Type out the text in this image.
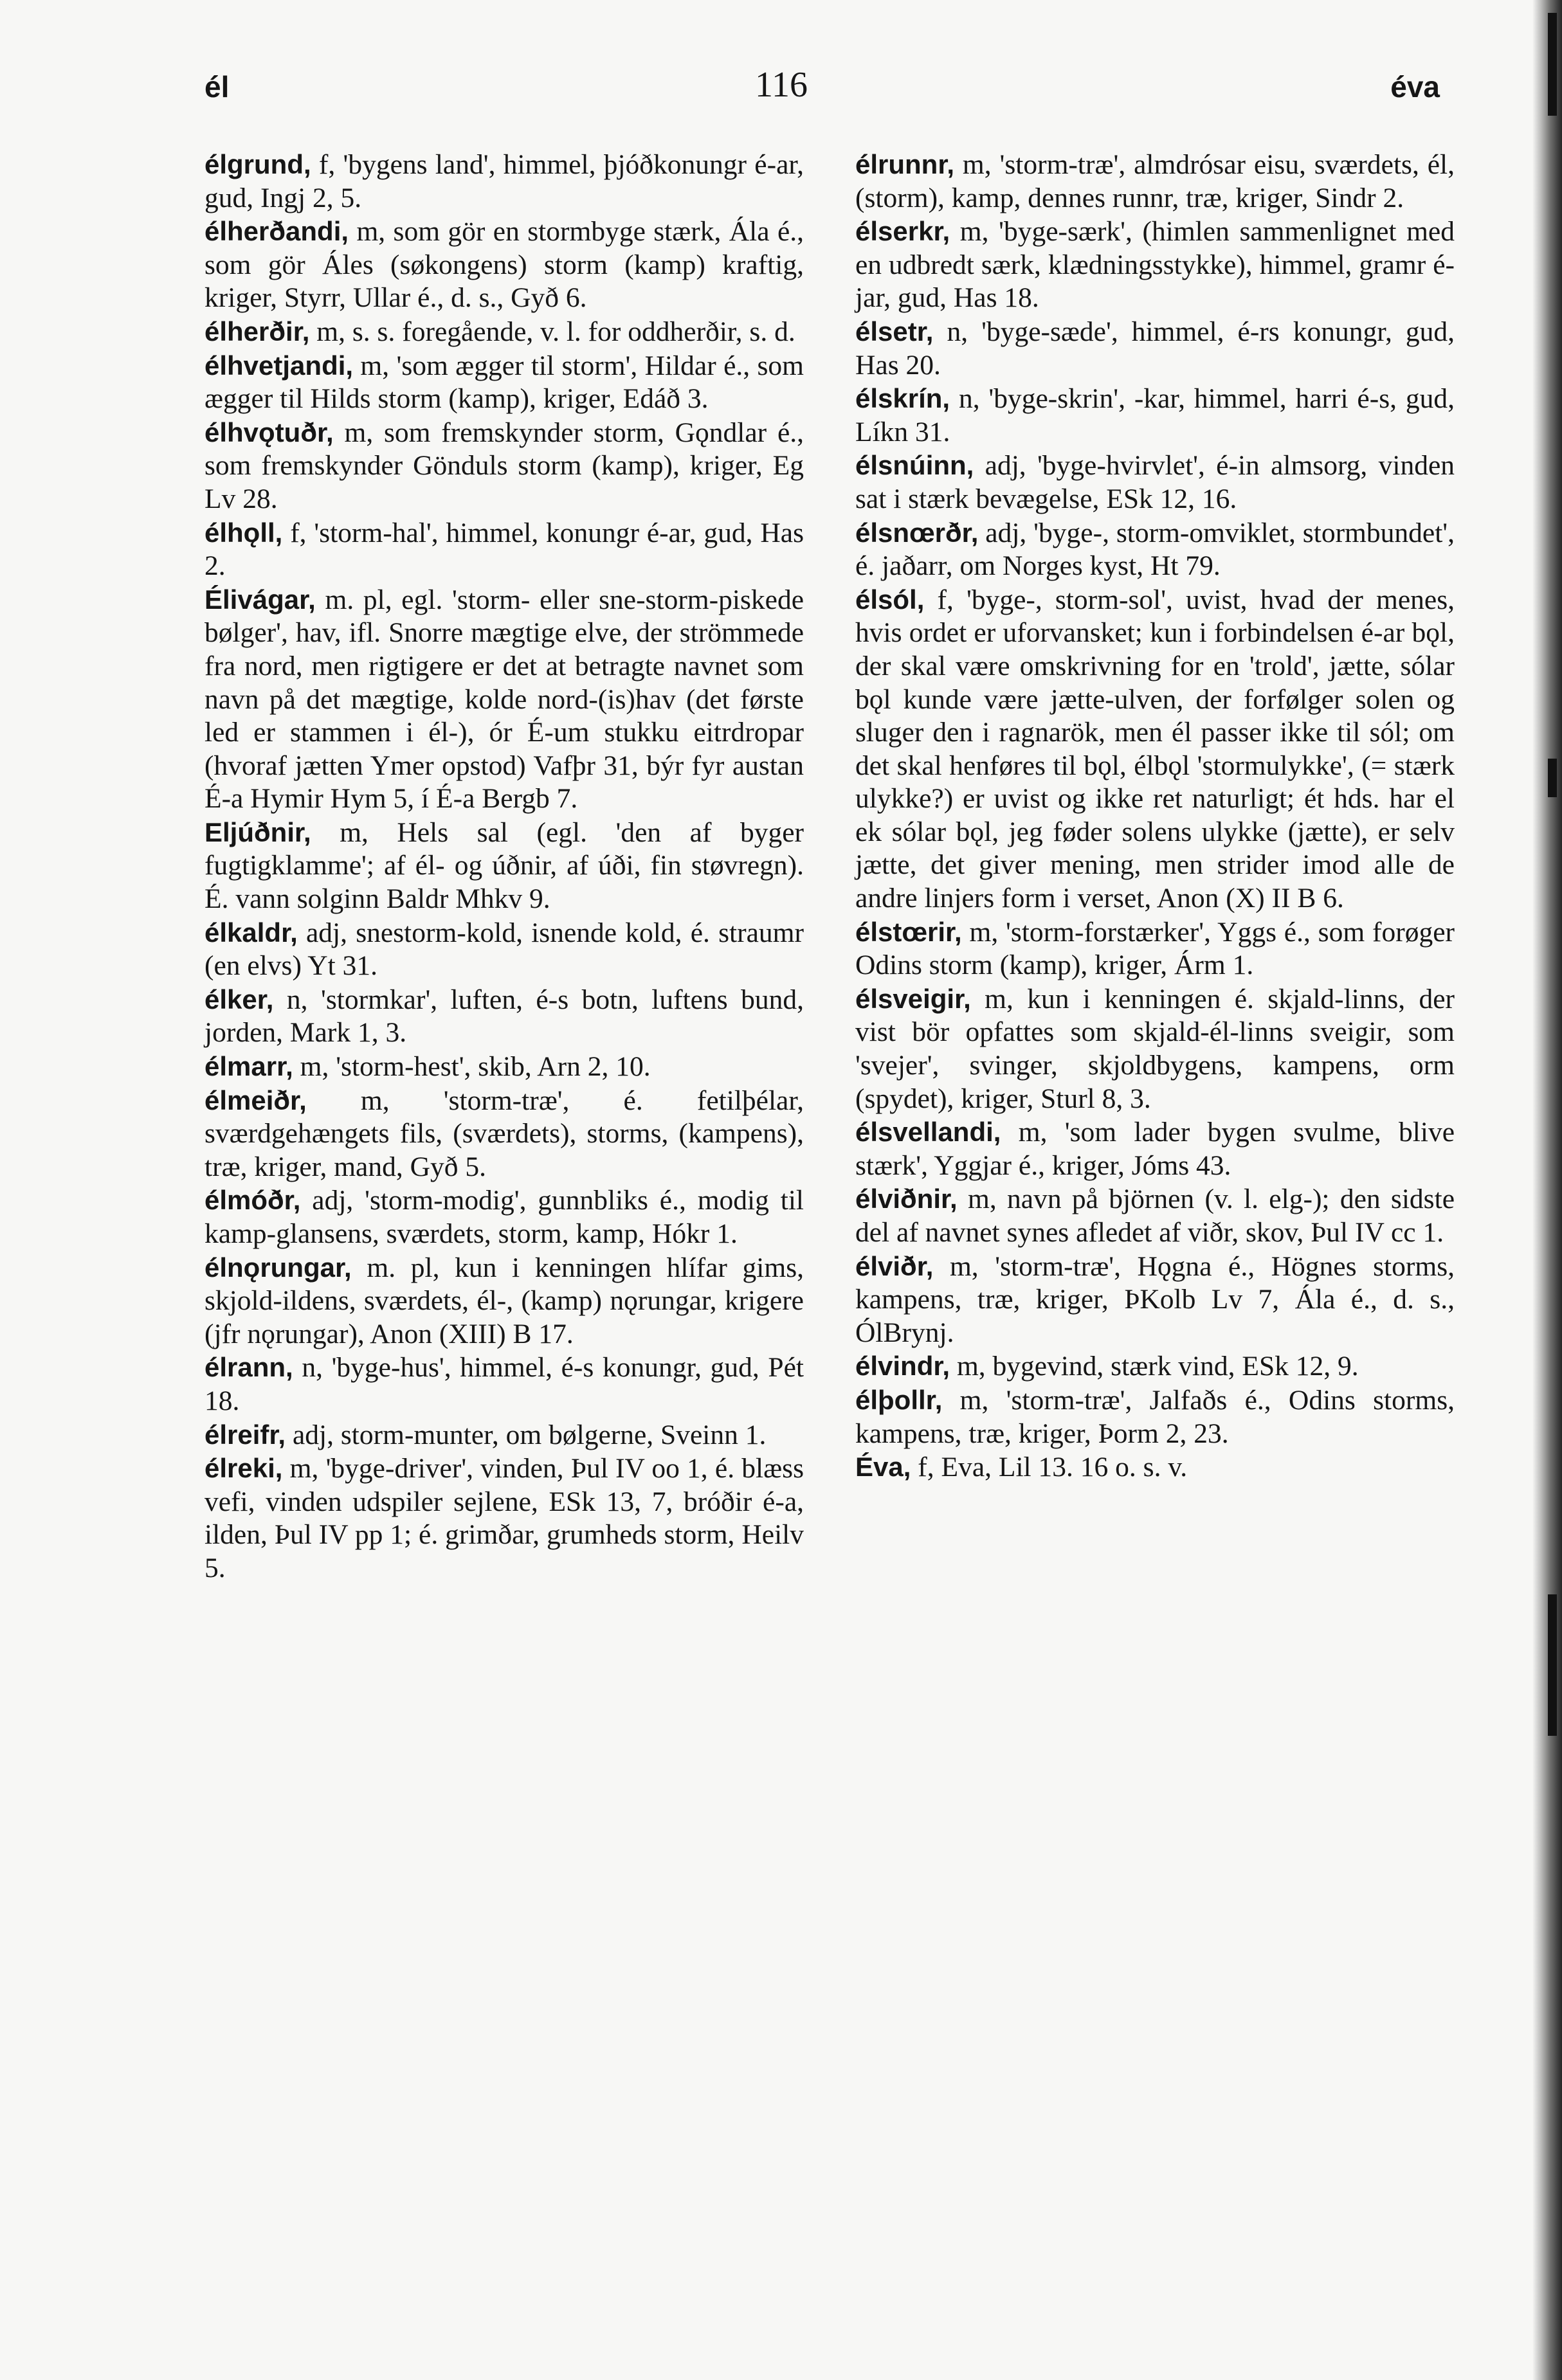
él	116	éva

élgrund, f, 'bygens land', himmel, þjóðkonungr é-ar, gud, Ingj 2, 5.

élherðandi, m, som gör en stormbyge stærk, Ála é., som gör Áles (søkongens) storm (kamp) kraftig, kriger, Styrr, Ullar é., d. s., Gyð 6.

élherðir, m, s. s. foregående, v. l. for oddherðir, s. d.

élhvetjandi, m, 'som ægger til storm', Hildar é., som ægger til Hilds storm (kamp), kriger, Edáð 3.

élhvǫtuðr, m, som fremskynder storm, Gǫndlar é., som fremskynder Gönduls storm (kamp), kriger, Eg Lv 28.

élhǫll, f, 'storm-hal', himmel, konungr é-ar, gud, Has 2.

Élivágar, m. pl, egl. 'storm- eller sne-storm-piskede bølger', hav, ifl. Snorre mægtige elve, der strömmede fra nord, men rigtigere er det at betragte navnet som navn på det mægtige, kolde nord-(is)hav (det første led er stammen i él-), ór É-um stukku eitrdropar (hvoraf jætten Ymer opstod) Vafþr 31, býr fyr austan É-a Hymir Hym 5, í É-a Bergb 7.

Eljúðnir, m, Hels sal (egl. 'den af byger fugtigklamme'; af él- og úðnir, af úði, fin støvregn). É. vann solginn Baldr Mhkv 9.

élkaldr, adj, snestorm-kold, isnende kold, é. straumr (en elvs) Yt 31.

élker, n, 'stormkar', luften, é-s botn, luftens bund, jorden, Mark 1, 3.

élmarr, m, 'storm-hest', skib, Arn 2, 10.

élmeiðr, m, 'storm-træ', é. fetilþélar, sværdgehængets fils, (sværdets), storms, (kampens), træ, kriger, mand, Gyð 5.

élmóðr, adj, 'storm-modig', gunnbliks é., modig til kamp-glansens, sværdets, storm, kamp, Hókr 1.

élnǫrungar, m. pl, kun i kenningen hlífar gims, skjold-ildens, sværdets, él-, (kamp) nǫrungar, krigere (jfr nǫrungar), Anon (XIII) B 17.

élrann, n, 'byge-hus', himmel, é-s konungr, gud, Pét 18.

élreifr, adj, storm-munter, om bølgerne, Sveinn 1.

élreki, m, 'byge-driver', vinden, Þul IV oo 1, é. blæss vefi, vinden udspiler sejlene, ESk 13, 7, bróðir é-a, ilden, Þul IV pp 1; é. grimðar, grumheds storm, Heilv 5.

élrunnr, m, 'storm-træ', almdrósar eisu, sværdets, él, (storm), kamp, dennes runnr, træ, kriger, Sindr 2.

élserkr, m, 'byge-særk', (himlen sammenlignet med en udbredt særk, klædningsstykke), himmel, gramr é-jar, gud, Has 18.

élsetr, n, 'byge-sæde', himmel, é-rs konungr, gud, Has 20.

élskrín, n, 'byge-skrin', -kar, himmel, harri é-s, gud, Líkn 31.

élsnúinn, adj, 'byge-hvirvlet', é-in almsorg, vinden sat i stærk bevægelse, ESk 12, 16.

élsnœrðr, adj, 'byge-, storm-omviklet, stormbundet', é. jaðarr, om Norges kyst, Ht 79.

élsól, f, 'byge-, storm-sol', uvist, hvad der menes, hvis ordet er uforvansket; kun i forbindelsen é-ar bǫl, der skal være omskrivning for en 'trold', jætte, sólar bǫl kunde være jætte-ulven, der forfølger solen og sluger den i ragnarök, men él passer ikke til sól; om det skal henføres til bǫl, élbǫl 'stormulykke', (= stærk ulykke?) er uvist og ikke ret naturligt; ét hds. har el ek sólar bǫl, jeg føder solens ulykke (jætte), er selv jætte, det giver mening, men strider imod alle de andre linjers form i verset, Anon (X) II B 6.

élstœrir, m, 'storm-forstærker', Yggs é., som forøger Odins storm (kamp), kriger, Árm 1.

élsveigir, m, kun i kenningen é. skjald-linns, der vist bör opfattes som skjald-él-linns sveigir, som 'svejer', svinger, skjoldbygens, kampens, orm (spydet), kriger, Sturl 8, 3.

élsvellandi, m, 'som lader bygen svulme, blive stærk', Yggjar é., kriger, Jóms 43.

élviðnir, m, navn på björnen (v. l. elg-); den sidste del af navnet synes afledet af viðr, skov, Þul IV cc 1.

élviðr, m, 'storm-træ', Hǫgna é., Högnes storms, kampens, træ, kriger, ÞKolb Lv 7, Ála é., d. s., ÓlBrynj.

élvindr, m, bygevind, stærk vind, ESk 12, 9.

élþollr, m, 'storm-træ', Jalfaðs é., Odins storms, kampens, træ, kriger, Þorm 2, 23.

Éva, f, Eva, Lil 13. 16 o. s. v.
